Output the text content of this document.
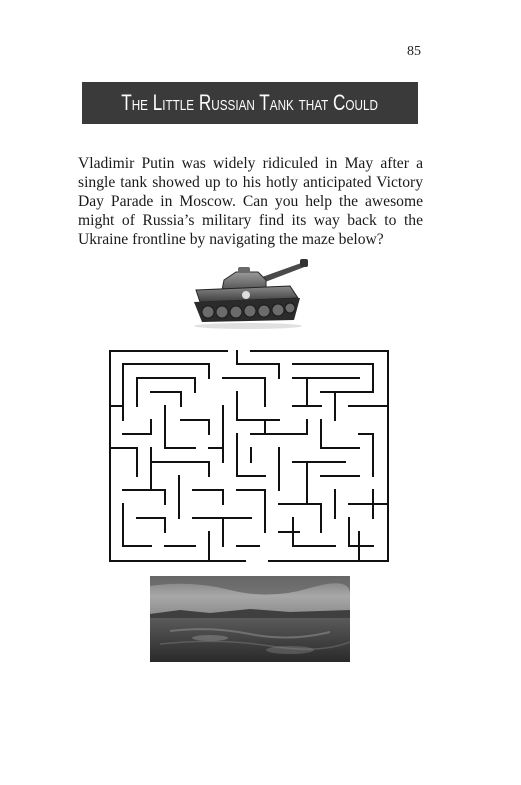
85
The Little Russian Tank that Could

Vladimir Putin was widely ridiculed in May after a single tank showed up to his hotly anticipated Victory Day Parade in Moscow. Can you help the awesome might of Russia’s military find its way back to the Ukraine frontline by navigating the maze below?
